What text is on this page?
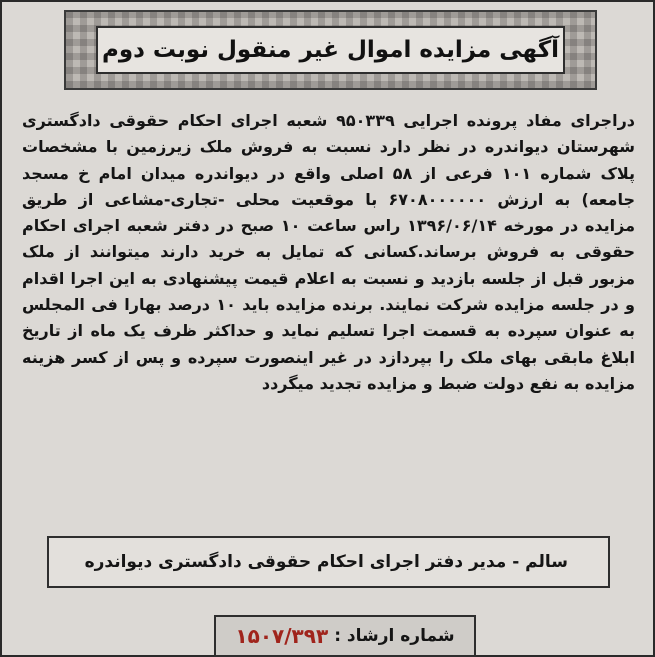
آگهی مزایده اموال غیر منقول نوبت دوم
دراجرای مفاد پرونده اجرایی ۹۵۰۳۳۹ شعبه اجرای احکام حقوقی دادگستری شهرستان دیواندره در نظر دارد نسبت به فروش ملک زیرزمین با مشخصات پلاک شماره ۱۰۱ فرعی از ۵۸ اصلی واقع در دیواندره میدان امام خ مسجد جامعه) به ارزش ۶۷۰۸۰۰۰۰۰۰ با موقعیت محلی -تجاری-مشاعی از طریق مزایده در مورخه ۱۳۹۶/۰۶/۱۴ راس ساعت ۱۰ صبح در دفتر شعبه اجرای احکام حقوقی به فروش برساند.کسانی که تمایل به خرید دارند میتوانند از ملک مزبور قبل از جلسه بازدید و نسبت به اعلام قیمت پیشنهادی به این اجرا اقدام و در جلسه مزایده شرکت نمایند. برنده مزایده باید ۱۰ درصد بهارا فی المجلس به عنوان سپرده به قسمت اجرا تسلیم نماید و حداکثر ظرف یک ماه از تاریخ ابلاغ مابقی بهای ملک را بپردازد در غیر اینصورت سپرده و پس از کسر هزینه مزایده به نفع دولت ضبط و مزایده تجدید میگردد
سالم - مدیر دفتر اجرای احکام حقوقی دادگستری دیواندره
شماره ارشاد :
۱۵۰۷/۳۹۳
